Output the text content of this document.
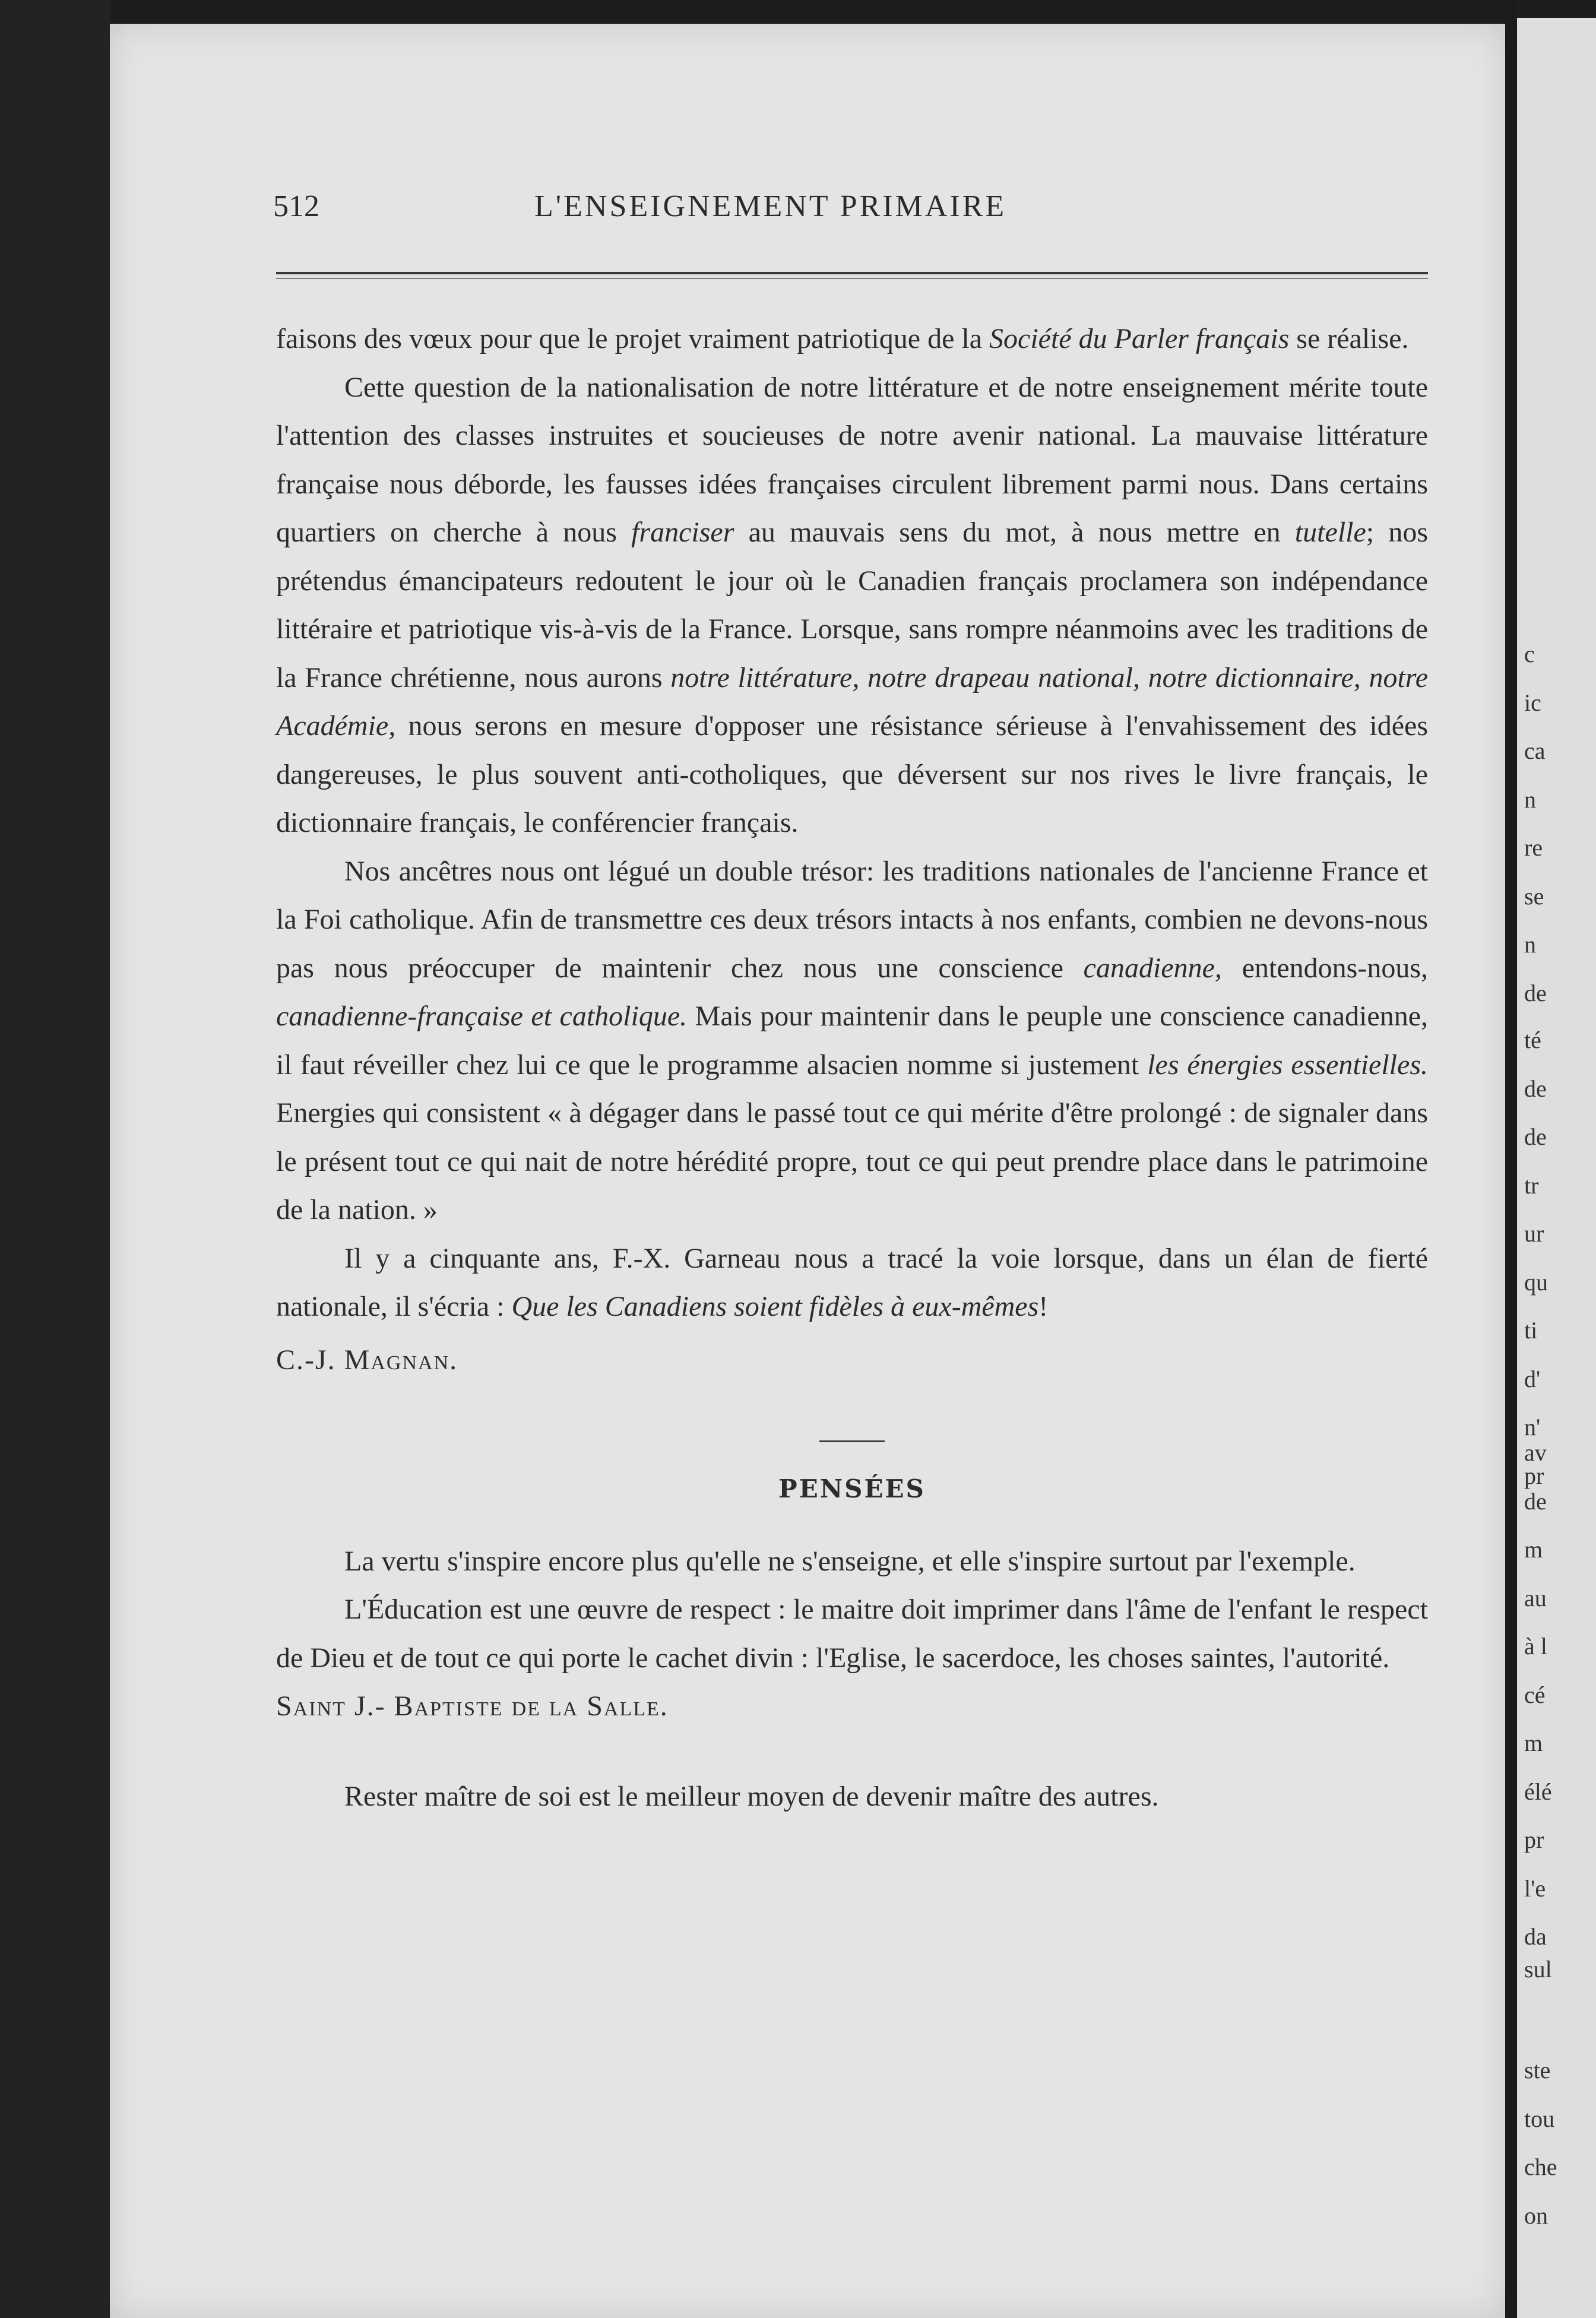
512	L'ENSEIGNEMENT PRIMAIRE

faisons des vœux pour que le projet vraiment patriotique de la Société du Parler français se réalise.

Cette question de la nationalisation de notre littérature et de notre enseignement mérite toute l'attention des classes instruites et soucieuses de notre avenir national. La mauvaise littérature française nous déborde, les fausses idées françaises circulent librement parmi nous. Dans certains quartiers on cherche à nous franciser au mauvais sens du mot, à nous mettre en tutelle; nos prétendus émancipateurs redoutent le jour où le Canadien français proclamera son indépendance littéraire et patriotique vis-à-vis de la France. Lorsque, sans rompre néanmoins avec les traditions de la France chrétienne, nous aurons notre littérature, notre drapeau national, notre dictionnaire, notre Académie, nous serons en mesure d'opposer une résistance sérieuse à l'envahissement des idées dangereuses, le plus souvent anti-cotholiques, que déversent sur nos rives le livre français, le dictionnaire français, le conférencier français.

Nos ancêtres nous ont légué un double trésor: les traditions nationales de l'ancienne France et la Foi catholique. Afin de transmettre ces deux trésors intacts à nos enfants, combien ne devons-nous pas nous préoccuper de maintenir chez nous une conscience canadienne, entendons-nous, canadienne-française et catholique. Mais pour maintenir dans le peuple une conscience canadienne, il faut réveiller chez lui ce que le programme alsacien nomme si justement les énergies essentielles. Energies qui consistent « à dégager dans le passé tout ce qui mérite d'être prolongé : de signaler dans le présent tout ce qui nait de notre hérédité propre, tout ce qui peut prendre place dans le patrimoine de la nation. »

Il y a cinquante ans, F.-X. Garneau nous a tracé la voie lorsque, dans un élan de fierté nationale, il s'écria : Que les Canadiens soient fidèles à eux-mêmes!

C.-J. Magnan.

PENSÉES

La vertu s'inspire encore plus qu'elle ne s'enseigne, et elle s'inspire surtout par l'exemple.

L'Éducation est une œuvre de respect : le maitre doit imprimer dans l'âme de l'enfant le respect de Dieu et de tout ce qui porte le cachet divin : l'Eglise, le sacerdoce, les choses saintes, l'autorité.

Saint J.- Baptiste de la Salle.

Rester maître de soi est le meilleur moyen de devenir maître des autres.

c
ic
ca
n
re
se
n
de
té
de
de
tr
ur
qu
ti
d'
n'
pr
av
de
m
au
à l
cé
m
élé
pr
l'e
da
sul
ste
tou
che
on
